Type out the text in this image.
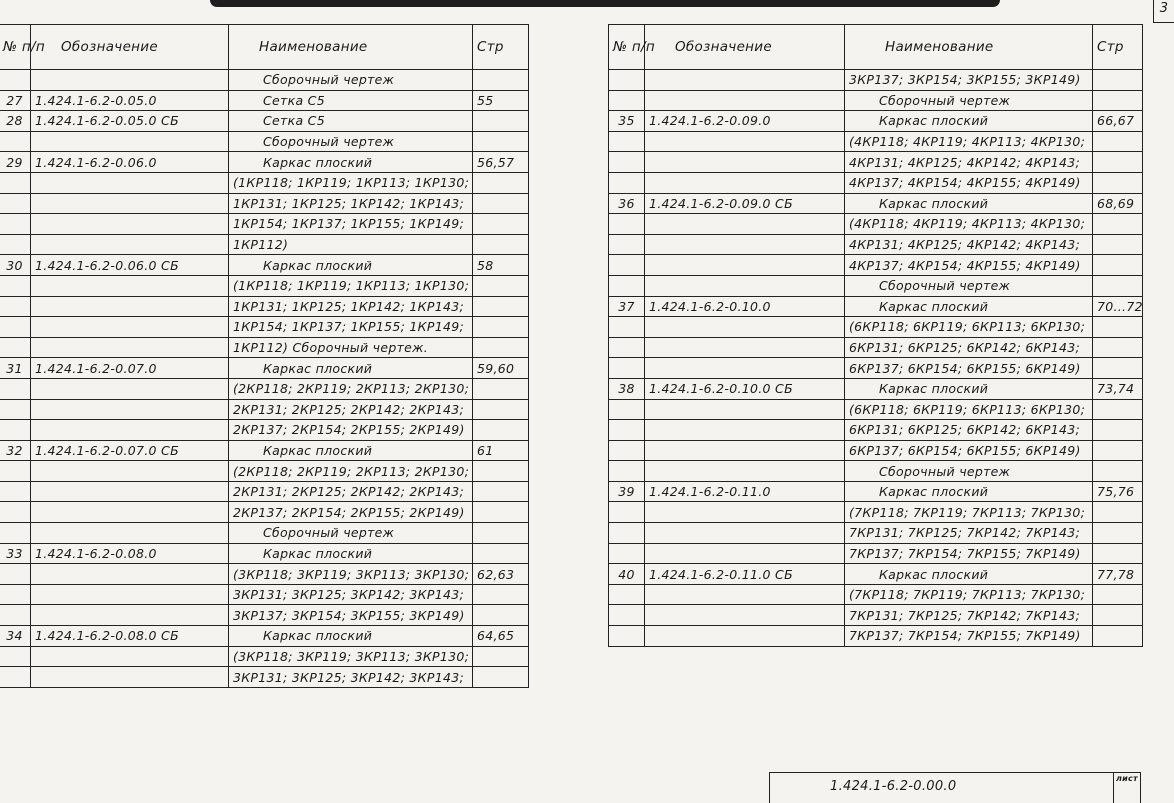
3
№ п/п	Обозначение	Наименование	Стр
		Сборочный чертеж	
27	1.424.1-6.2-0.05.0	Сетка С5	55
28	1.424.1-6.2-0.05.0 СБ	Сетка С5	
		Сборочный чертеж	
29	1.424.1-6.2-0.06.0	Каркас плоский	56,57
		(1КР118; 1КР119; 1КР113; 1КР130;	
		1КР131; 1КР125; 1КР142; 1КР143;	
		1КР154; 1КР137; 1КР155; 1КР149;	
		1КР112)	
30	1.424.1-6.2-0.06.0 СБ	Каркас плоский	58
		(1КР118; 1КР119; 1КР113; 1КР130;	
		1КР131; 1КР125; 1КР142; 1КР143;	
		1КР154; 1КР137; 1КР155; 1КР149;	
		1КР112) Сборочный чертеж.	
31	1.424.1-6.2-0.07.0	Каркас плоский	59,60
		(2КР118; 2КР119; 2КР113; 2КР130;	
		2КР131; 2КР125; 2КР142; 2КР143;	
		2КР137; 2КР154; 2КР155; 2КР149)	
32	1.424.1-6.2-0.07.0 СБ	Каркас плоский	61
		(2КР118; 2КР119; 2КР113; 2КР130;	
		2КР131; 2КР125; 2КР142; 2КР143;	
		2КР137; 2КР154; 2КР155; 2КР149)	
		Сборочный чертеж	
33	1.424.1-6.2-0.08.0	Каркас плоский	
		(3КР118; 3КР119; 3КР113; 3КР130;	62,63
		3КР131; 3КР125; 3КР142; 3КР143;	
		3КР137; 3КР154; 3КР155; 3КР149)	
34	1.424.1-6.2-0.08.0 СБ	Каркас плоский	64,65
		(3КР118; 3КР119; 3КР113; 3КР130;	
		3КР131; 3КР125; 3КР142; 3КР143;	
№ п/п	Обозначение	Наименование	Стр
		3КР137; 3КР154; 3КР155; 3КР149)	
		Сборочный чертеж	
35	1.424.1-6.2-0.09.0	Каркас плоский	66,67
		(4КР118; 4КР119; 4КР113; 4КР130;	
		4КР131; 4КР125; 4КР142; 4КР143;	
		4КР137; 4КР154; 4КР155; 4КР149)	
36	1.424.1-6.2-0.09.0 СБ	Каркас плоский	68,69
		(4КР118; 4КР119; 4КР113; 4КР130;	
		4КР131; 4КР125; 4КР142; 4КР143;	
		4КР137; 4КР154; 4КР155; 4КР149)	
		Сборочный чертеж	
37	1.424.1-6.2-0.10.0	Каркас плоский	70...72
		(6КР118; 6КР119; 6КР113; 6КР130;	
		6КР131; 6КР125; 6КР142; 6КР143;	
		6КР137; 6КР154; 6КР155; 6КР149)	
38	1.424.1-6.2-0.10.0 СБ	Каркас плоский	73,74
		(6КР118; 6КР119; 6КР113; 6КР130;	
		6КР131; 6КР125; 6КР142; 6КР143;	
		6КР137; 6КР154; 6КР155; 6КР149)	
		Сборочный чертеж	
39	1.424.1-6.2-0.11.0	Каркас плоский	75,76
		(7КР118; 7КР119; 7КР113; 7КР130;	
		7КР131; 7КР125; 7КР142; 7КР143;	
		7КР137; 7КР154; 7КР155; 7КР149)	
40	1.424.1-6.2-0.11.0 СБ	Каркас плоский	77,78
		(7КР118; 7КР119; 7КР113; 7КР130;	
		7КР131; 7КР125; 7КР142; 7КР143;	
		7КР137; 7КР154; 7КР155; 7КР149)	
1.424.1-6.2-0.00.0
лист
